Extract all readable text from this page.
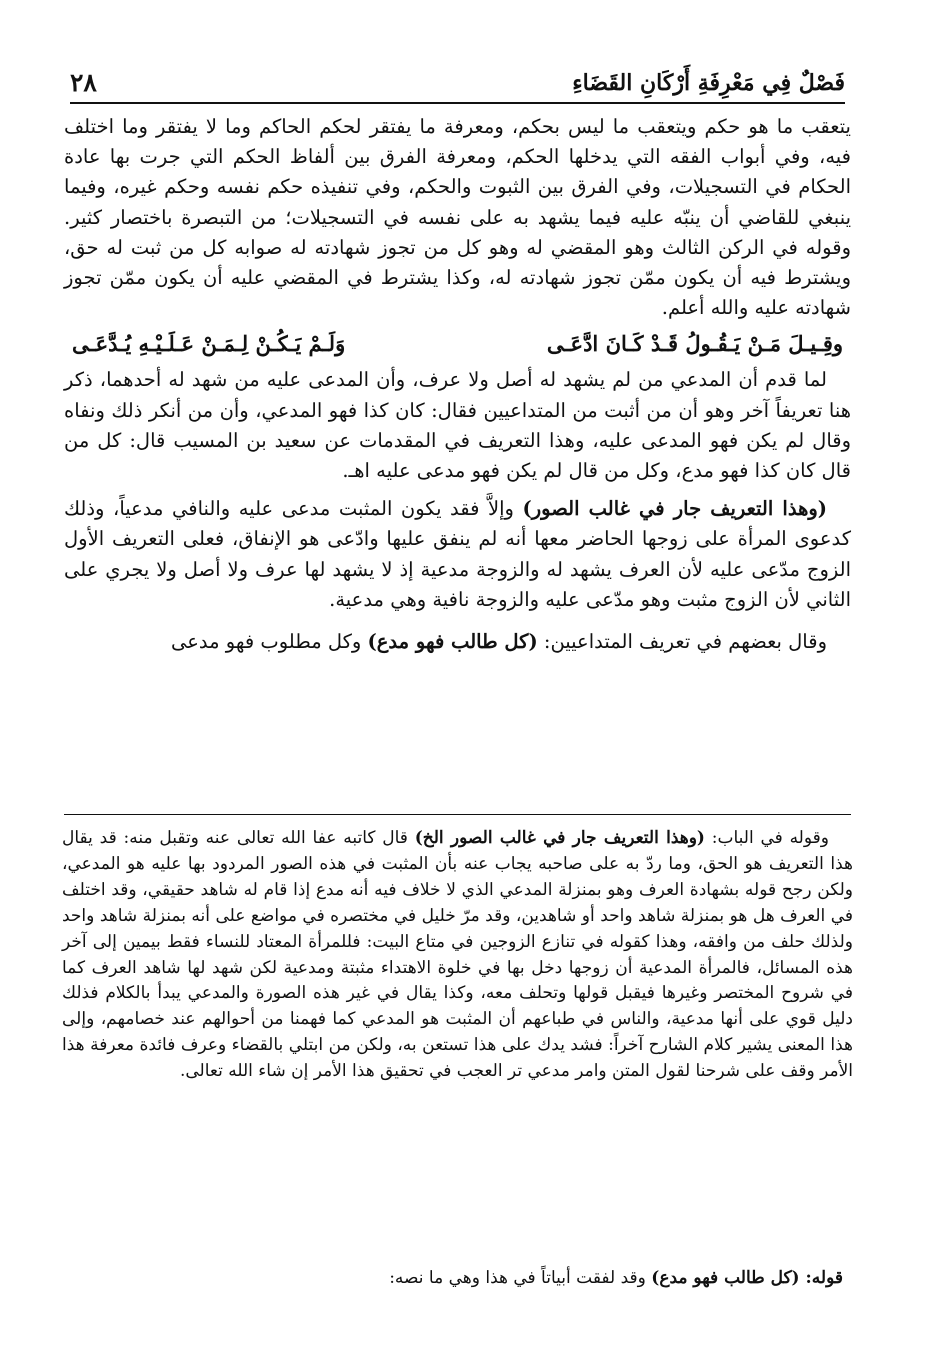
فَصْلٌ فِي مَعْرِفَةِ أَرْكَانِ القَضَاءِ
٢٨

يتعقب ما هو حكم ويتعقب ما ليس بحكم، ومعرفة ما يفتقر لحكم الحاكم وما لا يفتقر وما اختلف فيه، وفي أبواب الفقه التي يدخلها الحكم، ومعرفة الفرق بين ألفاظ الحكم التي جرت بها عادة الحكام في التسجيلات، وفي الفرق بين الثبوت والحكم، وفي تنفيذه حكم نفسه وحكم غيره، وفيما ينبغي للقاضي أن ينبّه عليه فيما يشهد به على نفسه في التسجيلات؛ من التبصرة باختصار كثير. وقوله في الركن الثالث وهو المقضي له وهو كل من تجوز شهادته له صوابه كل من ثبت له حق، ويشترط فيه أن يكون ممّن تجوز شهادته له، وكذا يشترط في المقضي عليه أن يكون ممّن تجوز شهادته عليه والله أعلم.

وقِـيـلَ مَـنْ يَـقُـولُ قَـدْ كَـانَ ادَّعَـى
وَلَـمْ يَـكُـنْ لِـمَـنْ عَـلَـيْـهِ يُـدَّعَـى

لما قدم أن المدعي من لم يشهد له أصل ولا عرف، وأن المدعى عليه من شهد له أحدهما، ذكر هنا تعريفاً آخر وهو أن من أثبت من المتداعيين فقال: كان كذا فهو المدعي، وأن من أنكر ذلك ونفاه وقال لم يكن فهو المدعى عليه، وهذا التعريف في المقدمات عن سعيد بن المسيب قال: كل من قال كان كذا فهو مدع، وكل من قال لم يكن فهو مدعى عليه اهـ.

(وهذا التعريف جار في غالب الصور) وإلاَّ فقد يكون المثبت مدعى عليه والنافي مدعياً، وذلك كدعوى المرأة على زوجها الحاضر معها أنه لم ينفق عليها وادّعى هو الإنفاق، فعلى التعريف الأول الزوج مدّعى عليه لأن العرف يشهد له والزوجة مدعية إذ لا يشهد لها عرف ولا أصل ولا يجري على الثاني لأن الزوج مثبت وهو مدّعى عليه والزوجة نافية وهي مدعية.

وقال بعضهم في تعريف المتداعيين: (كل طالب فهو مدع) وكل مطلوب فهو مدعى

وقوله في الباب: (وهذا التعريف جار في غالب الصور الخ) قال كاتبه عفا الله تعالى عنه وتقبل منه: قد يقال هذا التعريف هو الحق، وما ردّ به على صاحبه يجاب عنه بأن المثبت في هذه الصور المردود بها عليه هو المدعي، ولكن رجح قوله بشهادة العرف وهو بمنزلة المدعي الذي لا خلاف فيه أنه مدع إذا قام له شاهد حقيقي، وقد اختلف في العرف هل هو بمنزلة شاهد واحد أو شاهدين، وقد مرّ خليل في مختصره في مواضع على أنه بمنزلة شاهد واحد ولذلك حلف من وافقه، وهذا كقوله في تنازع الزوجين في متاع البيت: فللمرأة المعتاد للنساء فقط بيمين إلى آخر هذه المسائل، فالمرأة المدعية أن زوجها دخل بها في خلوة الاهتداء مثبتة ومدعية لكن شهد لها شاهد العرف كما في شروح المختصر وغيرها فيقبل قولها وتحلف معه، وكذا يقال في غير هذه الصورة والمدعي يبدأ بالكلام فذلك دليل قوي على أنها مدعية، والناس في طباعهم أن المثبت هو المدعي كما فهمنا من أحوالهم عند خصامهم، وإلى هذا المعنى يشير كلام الشارح آخراً: فشد يدك على هذا تستعن به، ولكن من ابتلي بالقضاء وعرف فائدة معرفة هذا الأمر وقف على شرحنا لقول المتن وامر مدعي تر العجب في تحقيق هذا الأمر إن شاء الله تعالى.

قوله: (كل طالب فهو مدع) وقد لفقت أبياتاً في هذا وهي ما نصه:
